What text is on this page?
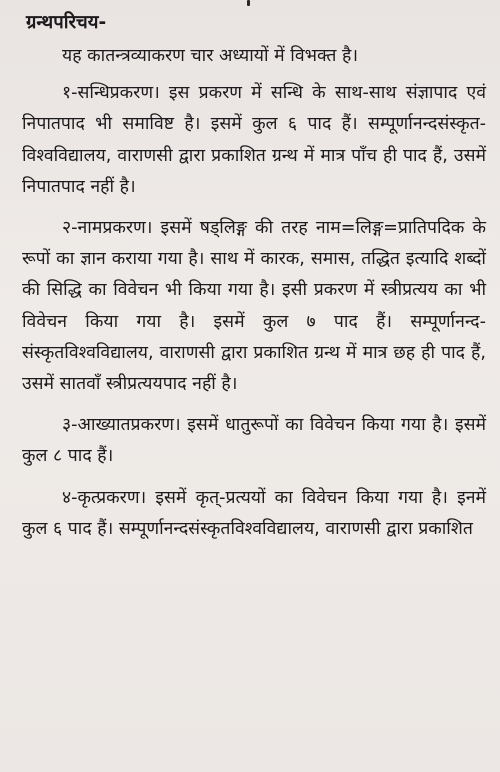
ग्रन्थपरिचय-

यह कातन्त्रव्याकरण चार अध्यायों में विभक्त है।

१-सन्धिप्रकरण। इस प्रकरण में सन्धि के साथ-साथ संज्ञापाद एवं निपातपाद भी समाविष्ट है। इसमें कुल ६ पाद हैं। सम्पूर्णानन्दसंस्कृत-विश्वविद्यालय, वाराणसी द्वारा प्रकाशित ग्रन्थ में मात्र पाँच ही पाद हैं, उसमें निपातपाद नहीं है।

२-नामप्रकरण। इसमें षड्लिङ्ग की तरह नाम=लिङ्ग=प्रातिपदिक के रूपों का ज्ञान कराया गया है। साथ में कारक, समास, तद्धित इत्यादि शब्दों की सिद्धि का विवेचन भी किया गया है। इसी प्रकरण में स्त्रीप्रत्यय का भी विवेचन किया गया है। इसमें कुल ७ पाद हैं। सम्पूर्णानन्द-संस्कृतविश्वविद्यालय, वाराणसी द्वारा प्रकाशित ग्रन्थ में मात्र छह ही पाद हैं, उसमें सातवाँ स्त्रीप्रत्ययपाद नहीं है।

३-आख्यातप्रकरण। इसमें धातुरूपों का विवेचन किया गया है। इसमें कुल ८ पाद हैं।

४-कृत्प्रकरण। इसमें कृत्-प्रत्ययों का विवेचन किया गया है। इनमें कुल ६ पाद हैं। सम्पूर्णानन्दसंस्कृतविश्वविद्यालय, वाराणसी द्वारा प्रकाशित
